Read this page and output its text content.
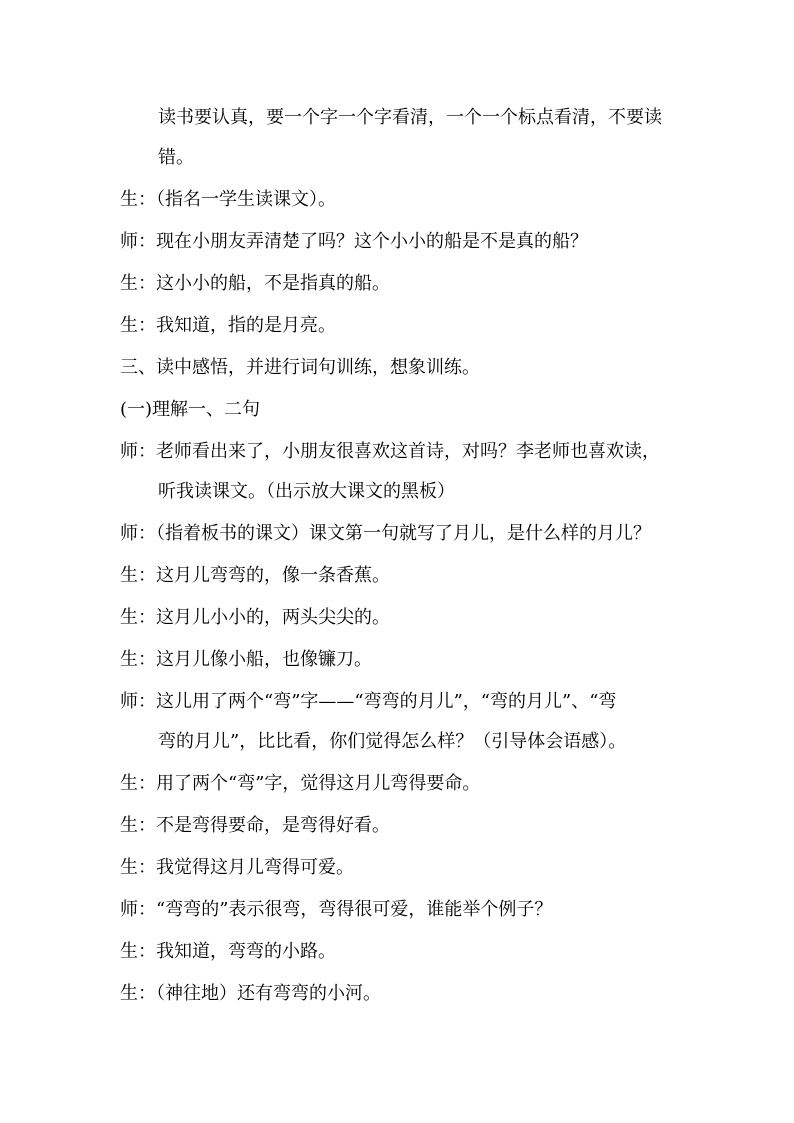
读书要认真，要一个字一个字看清，一个一个标点看清，不要读
错。
生：（指名一学生读课文）。
师：现在小朋友弄清楚了吗？这个小小的船是不是真的船？
生：这小小的船，不是指真的船。
生：我知道，指的是月亮。
三、读中感悟，并进行词句训练，想象训练。
(一)理解一、二句
师：老师看出来了，小朋友很喜欢这首诗，对吗？李老师也喜欢读，
听我读课文。（出示放大课文的黑板）
师：（指着板书的课文）课文第一句就写了月儿，是什么样的月儿？
生：这月儿弯弯的，像一条香蕉。
生：这月儿小小的，两头尖尖的。
生：这月儿像小船，也像镰刀。
师：这儿用了两个“弯”字——“弯弯的月儿”，“弯的月儿”、“弯
弯的月儿”，比比看，你们觉得怎么样？（引导体会语感）。
生：用了两个“弯”字，觉得这月儿弯得要命。
生：不是弯得要命，是弯得好看。
生：我觉得这月儿弯得可爱。
师：“弯弯的”表示很弯，弯得很可爱，谁能举个例子？
生：我知道，弯弯的小路。
生：（神往地）还有弯弯的小河。
